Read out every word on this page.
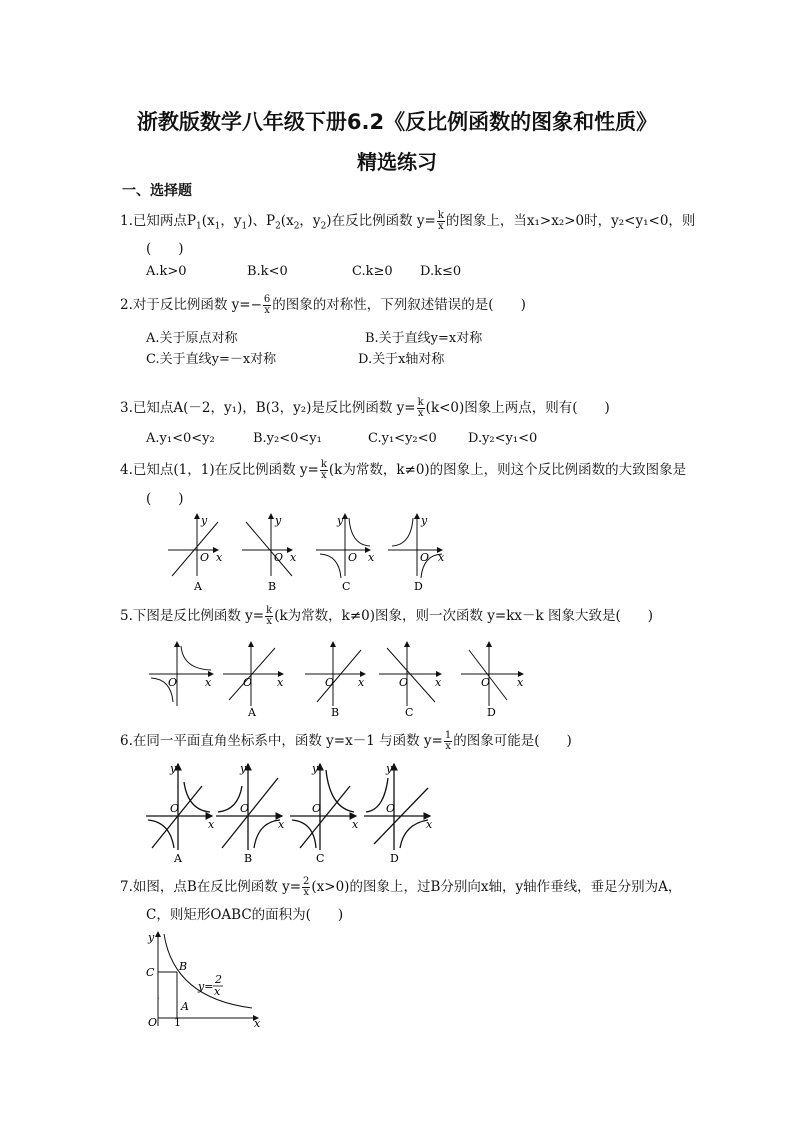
浙教版数学八年级下册6.2《反比例函数的图象和性质》
精选练习
一、选择题
1.已知两点$P_1(x_1$，$y_1$)、$P_2(x_2$，$y_2$)在反比例函数 $y= \frac{k}{x}$ 的图象上，当x₁>x₂>0时，y₂<y₁<0，则
(　　)
A.k>0	B.k<0	C.k≥0 D.k≤0
2.对于反比例函数 $y=- \frac{6}{x}$ 的图象的对称性，下列叙述错误的是(　　)
A.关于原点对称	B.关于直线y=x对称
C.关于直线y=－x对称	D.关于x轴对称
3.已知点A(－2，y₁)，B(3，y₂)是反比例函数 $y= \frac{k}{x} (k<0)$图象上两点，则有(　　)
A.y₁<0<y₂	B.y₂<0<y₁	C.y₁<y₂<0 D.y₂<y₁<0
4.已知点(1，1)在反比例函数 $y= \frac{k}{x} (k$为常数，k≠0)的图象上，则这个反比例函数的大致图象是
(　　)
y
O x
A
y
O x
B
y
O x
C
y
O x
D
5.下图是反比例函数 $y= \frac{k}{x} (k$为常数，k≠0)图象，则一次函数 y=kx－k 图象大致是(　　)
O	x	O x
A
O x
B
O x
C
O x
D
6.在同一平面直角坐标系中，函数 y=x－1 与函数 $y= \frac{1}{x}$ 的图象可能是(　　)
y
O
x
A
y
O
x
B
y
O
x
C
y
O
x
D
7.如图，点B在反比例函数 $y= \frac{2}{x} (x>0)$的图象上，过B分别向x轴，y轴作垂线，垂足分别为A，
C，则矩形OABC的面积为(　　)
y
x
O 1
C B
A
y=
2
x
